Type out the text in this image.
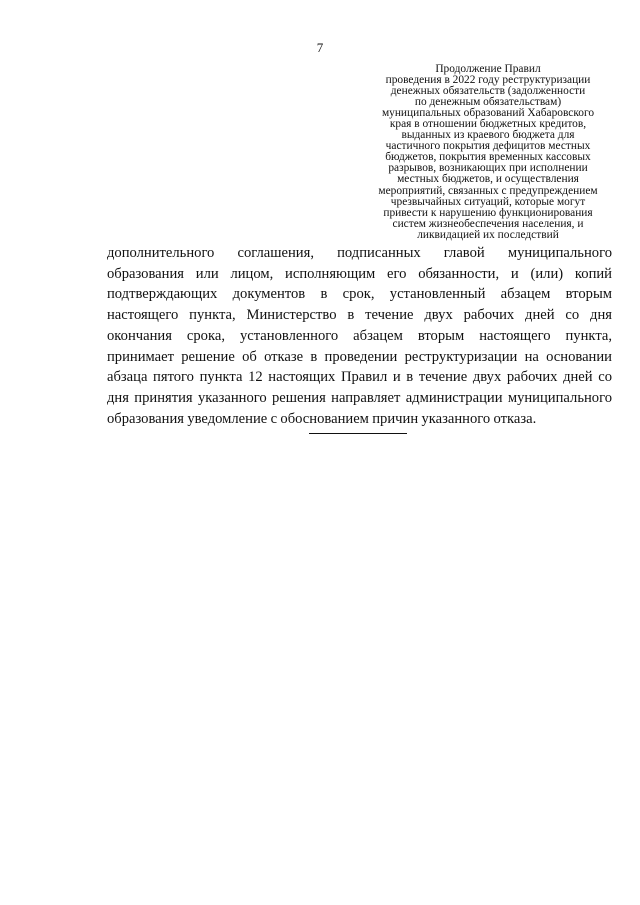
7
Продолжение Правил
проведения в 2022 году реструктуризации
денежных обязательств (задолженности
по денежным обязательствам)
муниципальных образований Хабаровского
края в отношении бюджетных кредитов,
выданных из краевого бюджета для
частичного покрытия дефицитов местных
бюджетов, покрытия временных кассовых
разрывов, возникающих при исполнении
местных бюджетов, и осуществления
мероприятий, связанных с предупреждением
чрезвычайных ситуаций, которые могут
привести к нарушению функционирования
систем жизнеобеспечения населения, и
ликвидацией их последствий
дополнительного соглашения, подписанных главой муниципального
образования или лицом, исполняющим его обязанности, и (или) копий
подтверждающих документов в срок, установленный абзацем вторым
настоящего пункта, Министерство в течение двух рабочих дней со дня
окончания срока, установленного абзацем вторым настоящего пункта,
принимает решение об отказе в проведении реструктуризации на основании
абзаца пятого пункта 12 настоящих Правил и в течение двух рабочих дней со
дня принятия указанного решения направляет администрации муниципального
образования уведомление с обоснованием причин указанного отказа.
